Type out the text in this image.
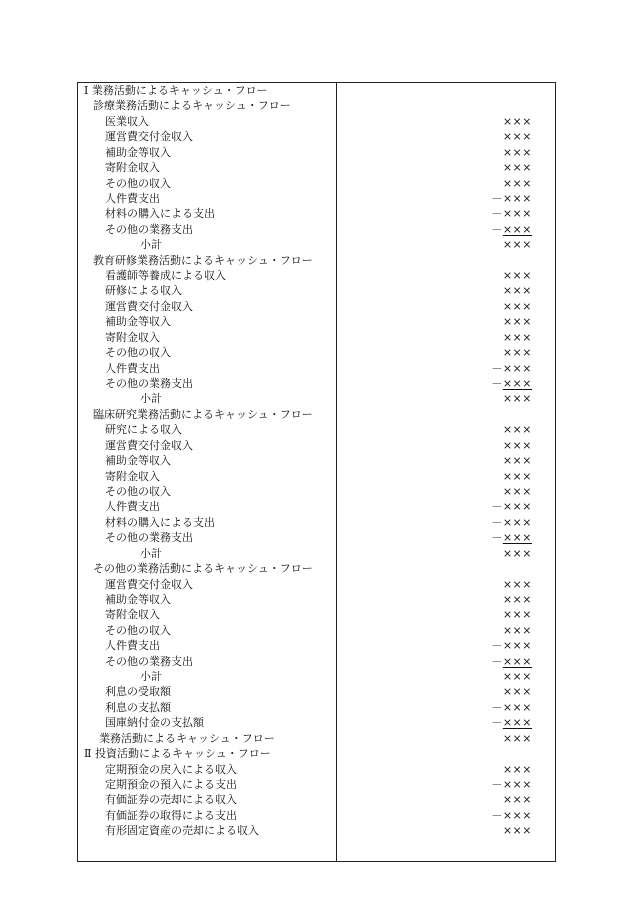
Ⅰ 業務活動によるキャッシュ・フロー
診療業務活動によるキャッシュ・フロー
医業収入	×××
運営費交付金収入	×××
補助金等収入	×××
寄附金収入	×××
その他の収入	×××
人件費支出	－×××
材料の購入による支出	－×××
その他の業務支出	－×××
小計	×××
教育研修業務活動によるキャッシュ・フロー
看護師等養成による収入	×××
研修による収入	×××
運営費交付金収入	×××
補助金等収入	×××
寄附金収入	×××
その他の収入	×××
人件費支出	－×××
その他の業務支出	－×××
小計	×××
臨床研究業務活動によるキャッシュ・フロー
研究による収入	×××
運営費交付金収入	×××
補助金等収入	×××
寄附金収入	×××
その他の収入	×××
人件費支出	－×××
材料の購入による支出	－×××
その他の業務支出	－×××
小計	×××
その他の業務活動によるキャッシュ・フロー
運営費交付金収入	×××
補助金等収入	×××
寄附金収入	×××
その他の収入	×××
人件費支出	－×××
その他の業務支出	－×××
小計	×××
利息の受取額	×××
利息の支払額	－×××
国庫納付金の支払額	－×××
業務活動によるキャッシュ・フロー	×××
Ⅱ 投資活動によるキャッシュ・フロー
定期預金の戻入による収入	×××
定期預金の預入による支出	－×××
有価証券の売却による収入	×××
有価証券の取得による支出	－×××
有形固定資産の売却による収入	×××
